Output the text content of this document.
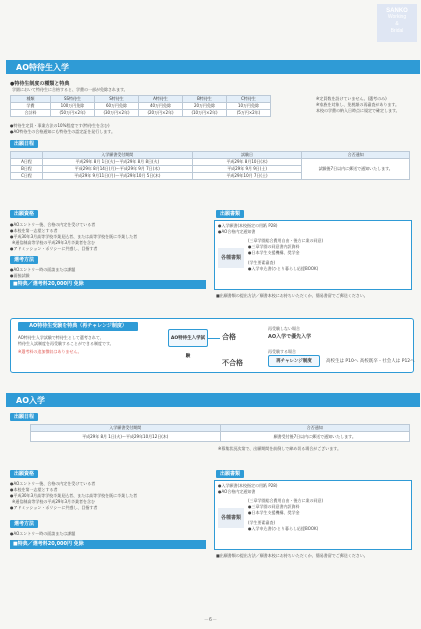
SANKO
Working
&
Bridal
AO特待生入学
●特待生制度の種類と特典
学園において特待生に合格すると、学費の一部が免除されます。
種類	SS特待生	S特待生	A特待生	B特待生	C特待生
学費	100万円免除	60万円免除	40万円免除	20万円免除	10万円免除
合計料	(50万円×2年)	(30万円×2年)	(20万円×2年)	(10万円×2年)	(5万円×2年)
※定員数を設けていません。(選考のみ)
※家族を対象し、免税額の再審査があります。
本校の学費の納入日時点に規定で確定します。
●特待生定員・事業方法の10%程度です(特待生を含む)
●AO特待生の合格通知にも特待生の認定証を発行します。
出願日程
	入学願書受付期間	試験日	合否通知
A日程	平成29年 8月 1日(火)～平成29年 8月 8日(火)	平成29年 8月10日(木)	試験後7日以内に郵送で通知いたします。
B日程	平成29年 8月14日(月)～平成29年 9月 7日(木)	平成29年 9月 9日(土)	
C日程	平成29年 9月11日(月)～平成29年10月 5日(木)	平成29年10月 7日(土)	
出願資格
●AOエントリー後、合格の内定を受けている者
●本校を第一志望とする者
●平成30年3月高等学校卒業見込者、または高等学校を既に卒業した者
※通信制高等学校の平成29年3月卒業者を含む
●アドミッション・ポリシーに共感し、目指す者
選考方法
●AOエントリー時の面談または課題
●面接試験
■特典／選考料20,000円 免除
出願書類
各種書類
●入学願書(本校指定の用紙 P28)
●AO合格内定通知書
(三章学園総合費用自由・後方に業の同意)
●三章学園の同意書内訳資料
●日本学生支援機構、奨学金
(学生要素審査)
●入学申込書(ひとり暮らし応援BOOK)
■出願書類の提出方法／願書本校にお持ちいただくか、簡易書留でご郵送ください。
AO特待生受験を特典（再チャレンジ制度）
AO特待生入学試験で特待生として選考されて、
特待生入試制度を再受験することができる制度です。
※選考料の追加徴収はありません。
AO特待生入学試験
合格
不合格
再受験しない場合
AO入学で優先入学
再受験する場合
再チャレンジ制度	高校生は P10へ 高校既卒・社会人は P12へ
AO入学
出願日程
入学願書受付期間	合否通知
平成29年 8月 1日(火)～平成29年10月12日(木)	願書受付後7日以内に郵送で通知いたします。
※募集状況次第で、出願期間を前倒しで締め切る場合がございます。
出願資格
●AOエントリー後、合格の内定を受けている者
●本校を第一志望とする者
●平成30年3月高等学校卒業見込者、または高等学校を既に卒業した者
※通信制高等学校の平成29年3月卒業者を含む
●アドミッション・ポリシーに共感し、目指す者
選考方法
●AOエントリー時の面談または課題
■特典／選考料20,000円 免除
出願書類
各種書類
●入学願書(本校指定の用紙 P28)
●AO合格内定通知書
(三章学園総合費用自由・後方に業の同意)
●三章学園の同意書内訳資料
●日本学生支援機構、奨学金
(学生要素審査)
●入学申込書(ひとり暮らし応援BOOK)
■出願書類の提出方法／願書本校にお持ちいただくか、簡易書留でご郵送ください。
－6－
